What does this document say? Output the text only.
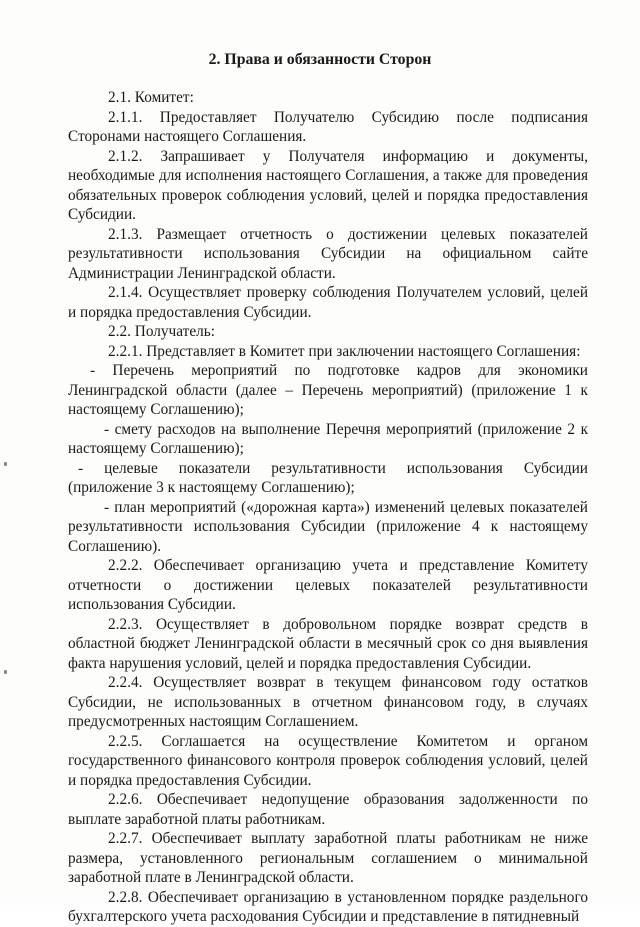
2. Права и обязанности Сторон

2.1. Комитет:

2.1.1. Предоставляет Получателю Субсидию после подписания Сторонами настоящего Соглашения.

2.1.2. Запрашивает у Получателя информацию и документы, необходимые для исполнения настоящего Соглашения, а также для проведения обязательных проверок соблюдения условий, целей и порядка предоставления Субсидии.

2.1.3. Размещает отчетность о достижении целевых показателей результативности использования Субсидии на официальном сайте Администрации Ленинградской области.

2.1.4. Осуществляет проверку соблюдения Получателем условий, целей и порядка предоставления Субсидии.

2.2. Получатель:

2.2.1. Представляет в Комитет при заключении настоящего Соглашения:

- Перечень мероприятий по подготовке кадров для экономики Ленинградской области (далее – Перечень мероприятий) (приложение 1 к настоящему Соглашению);

- смету расходов на выполнение Перечня мероприятий (приложение 2 к настоящему Соглашению);

- целевые показатели результативности использования Субсидии (приложение 3 к настоящему Соглашению);

- план мероприятий («дорожная карта») изменений целевых показателей результативности использования Субсидии (приложение 4 к настоящему Соглашению).

2.2.2. Обеспечивает организацию учета и представление Комитету отчетности о достижении целевых показателей результативности использования Субсидии.

2.2.3. Осуществляет в добровольном порядке возврат средств в областной бюджет Ленинградской области в месячный срок со дня выявления факта нарушения условий, целей и порядка предоставления Субсидии.

2.2.4. Осуществляет возврат в текущем финансовом году остатков Субсидии, не использованных в отчетном финансовом году, в случаях предусмотренных настоящим Соглашением.

2.2.5. Соглашается на осуществление Комитетом и органом государственного финансового контроля проверок соблюдения условий, целей и порядка предоставления Субсидии.

2.2.6. Обеспечивает недопущение образования задолженности по выплате заработной платы работникам.

2.2.7. Обеспечивает выплату заработной платы работникам не ниже размера, установленного региональным соглашением о минимальной заработной плате в Ленинградской области.

2.2.8. Обеспечивает организацию в установленном порядке раздельного бухгалтерского учета расходования Субсидии и представление в пятидневный
